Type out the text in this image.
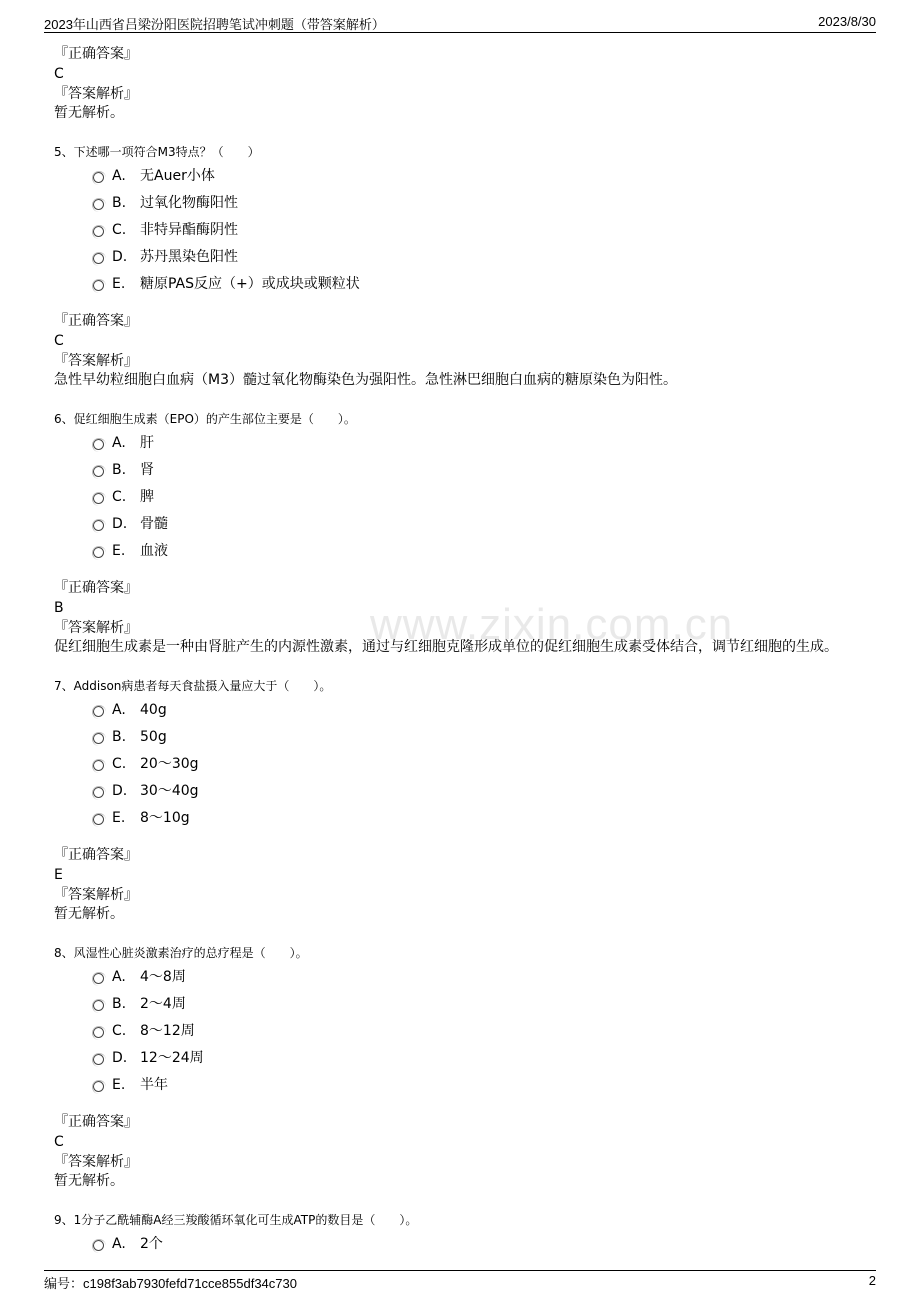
2023年山西省吕梁汾阳医院招聘笔试冲刺题（带答案解析）	2023/8/30
www.zixin.com.cn
『正确答案』
C
『答案解析』
暂无解析。
5、下述哪一项符合M3特点？（　　）
A. 无Auer小体
B. 过氧化物酶阳性
C. 非特异酯酶阴性
D. 苏丹黑染色阳性
E. 糖原PAS反应（+）或成块或颗粒状
『正确答案』
C
『答案解析』
急性早幼粒细胞白血病（M3）髓过氧化物酶染色为强阳性。急性淋巴细胞白血病的糖原染色为阳性。
6、促红细胞生成素（EPO）的产生部位主要是（　　）。
A. 肝
B. 肾
C. 脾
D. 骨髓
E. 血液
『正确答案』
B
『答案解析』
促红细胞生成素是一种由肾脏产生的内源性激素，通过与红细胞克隆形成单位的促红细胞生成素受体结合，调节红细胞的生成。
7、Addison病患者每天食盐摄入量应大于（　　）。
A. 40g
B. 50g
C. 20～30g
D. 30～40g
E. 8～10g
『正确答案』
E
『答案解析』
暂无解析。
8、风湿性心脏炎激素治疗的总疗程是（　　）。
A. 4～8周
B. 2～4周
C. 8～12周
D. 12～24周
E. 半年
『正确答案』
C
『答案解析』
暂无解析。
9、1分子乙酰辅酶A经三羧酸循环氧化可生成ATP的数目是（　　）。
A. 2个
编号：c198f3ab7930fefd71cce855df34c730	2
